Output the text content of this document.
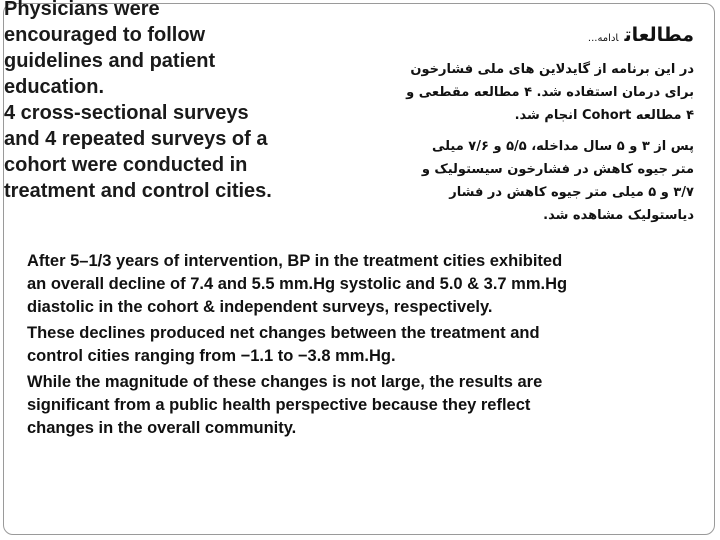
Physicians were
encouraged to follow
guidelines and patient
education.
4 cross-sectional surveys
and 4 repeated surveys of a
cohort were conducted in
treatment and control cities.
مطالعاتادامه...
در این برنامه از گایدلاین های ملی فشارخون
برای درمان استفاده شد. ۴ مطالعه مقطعی و
۴ مطالعه Cohort انجام شد.
پس از ۳ و ۵ سال مداخله، ۵/۵ و ۷/۶ میلی
متر جیوه کاهش در فشارخون سیستولیک و
۳/۷ و ۵ میلی متر جیوه کاهش در فشار
دیاستولیک مشاهده شد.
After 5–1/3 years of intervention, BP in the treatment cities exhibited
an overall decline of 7.4 and 5.5 mm.Hg systolic and 5.0 & 3.7 mm.Hg
diastolic in the cohort & independent surveys, respectively.
These declines produced net changes between the treatment and
control cities ranging from −1.1 to −3.8 mm.Hg.
While the magnitude of these changes is not large, the results are
significant from a public health perspective because they reflect
changes in the overall community.
